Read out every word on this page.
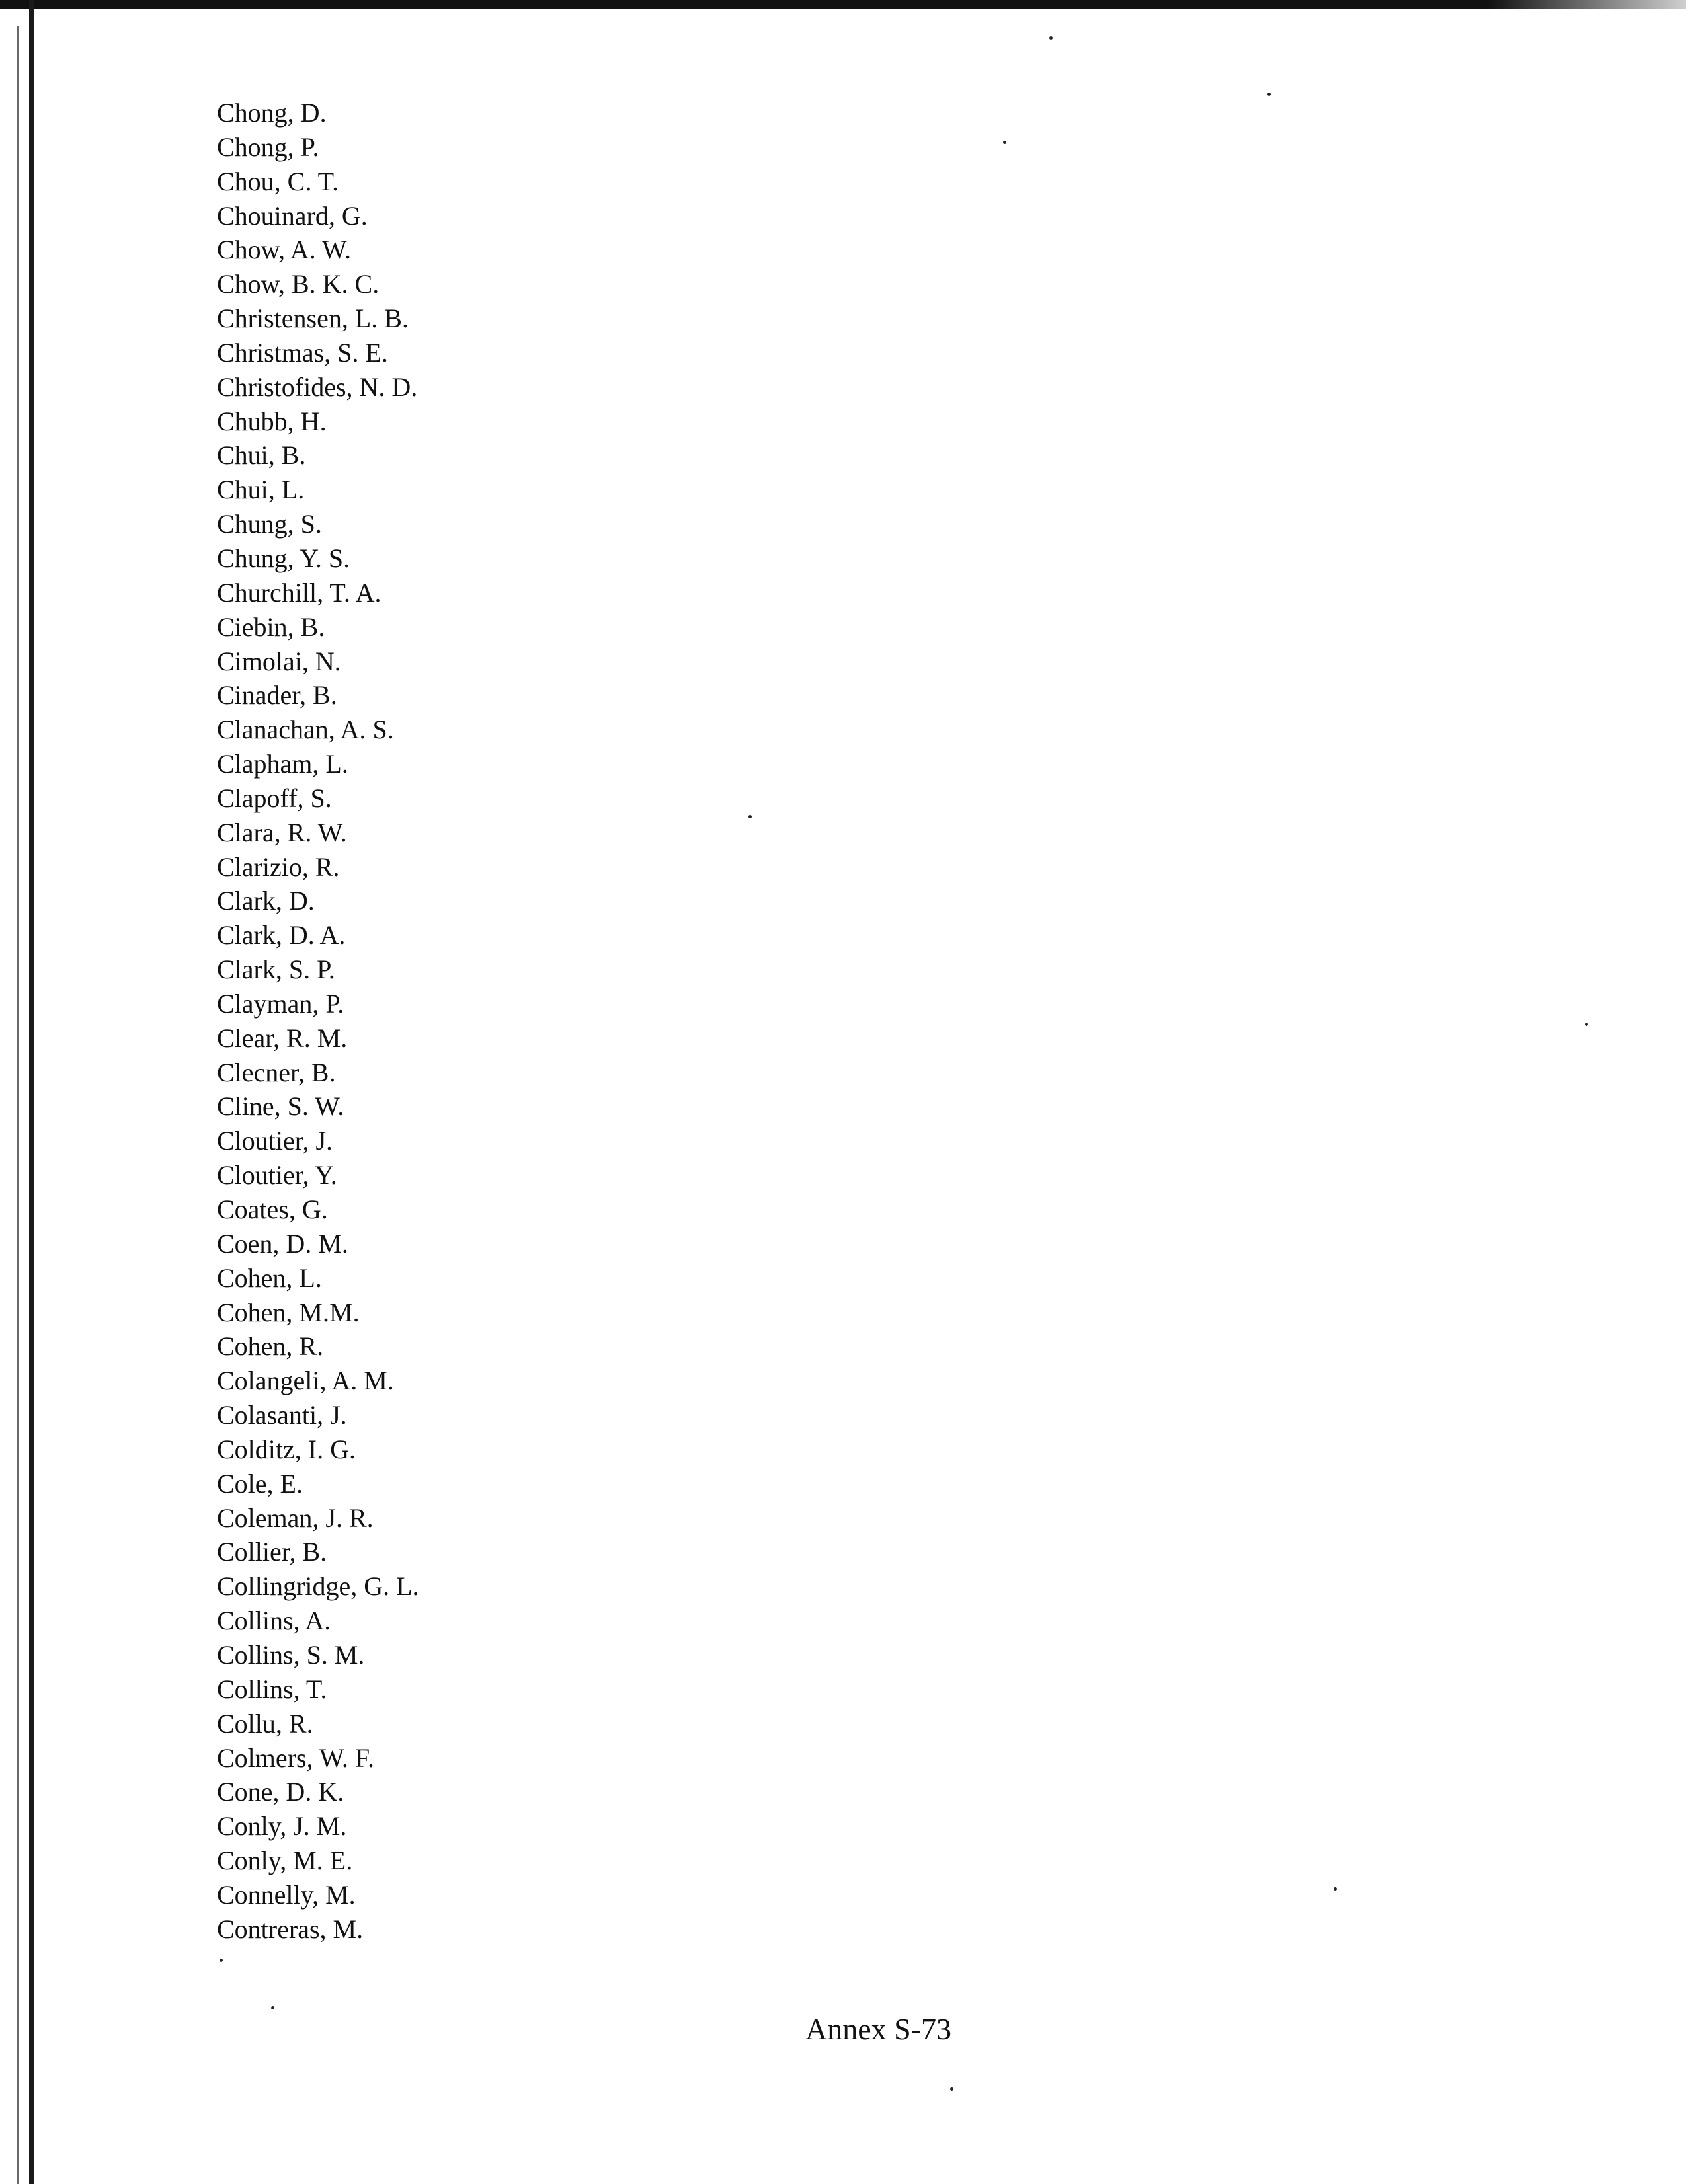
Chong, D.
Chong, P.
Chou, C. T.
Chouinard, G.
Chow, A. W.
Chow, B. K. C.
Christensen, L. B.
Christmas, S. E.
Christofides, N. D.
Chubb, H.
Chui, B.
Chui, L.
Chung, S.
Chung, Y. S.
Churchill, T. A.
Ciebin, B.
Cimolai, N.
Cinader, B.
Clanachan, A. S.
Clapham, L.
Clapoff, S.
Clara, R. W.
Clarizio, R.
Clark, D.
Clark, D. A.
Clark, S. P.
Clayman, P.
Clear, R. M.
Clecner, B.
Cline, S. W.
Cloutier, J.
Cloutier, Y.
Coates, G.
Coen, D. M.
Cohen, L.
Cohen, M.M.
Cohen, R.
Colangeli, A. M.
Colasanti, J.
Colditz, I. G.
Cole, E.
Coleman, J. R.
Collier, B.
Collingridge, G. L.
Collins, A.
Collins, S. M.
Collins, T.
Collu, R.
Colmers, W. F.
Cone, D. K.
Conly, J. M.
Conly, M. E.
Connelly, M.
Contreras, M.
Annex S-73
